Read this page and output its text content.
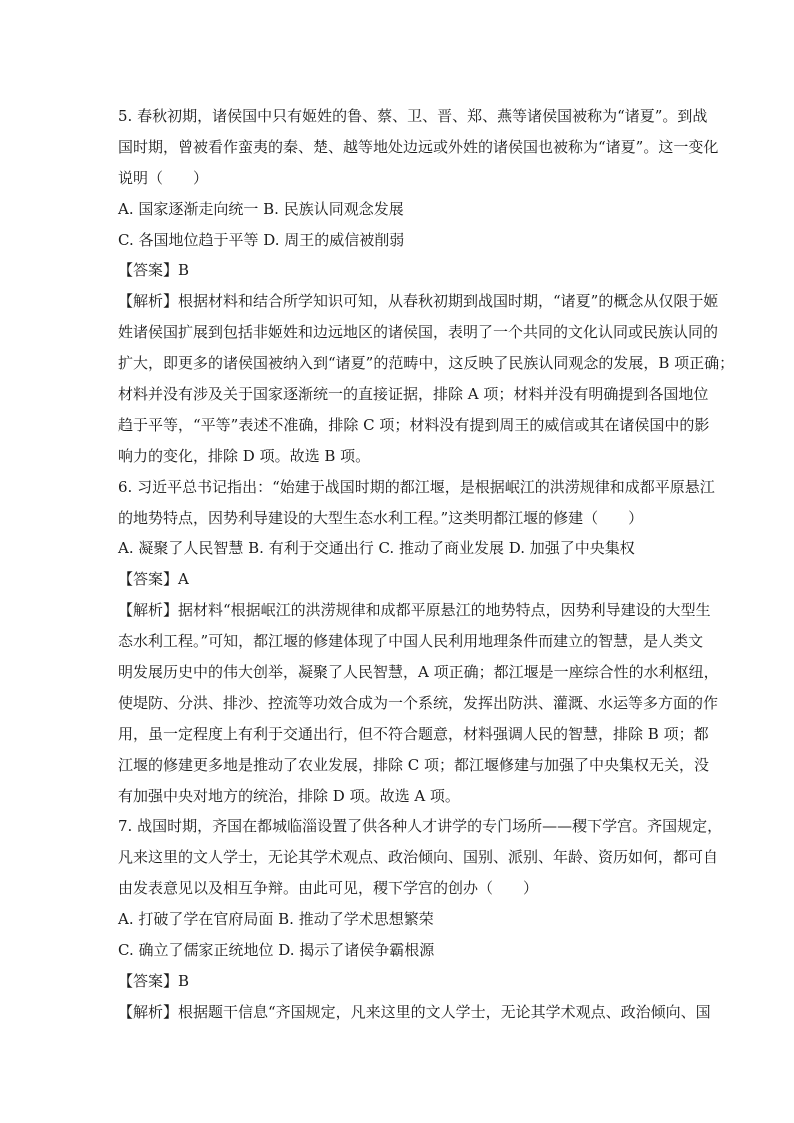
5. 春秋初期，诸侯国中只有姬姓的鲁、蔡、卫、晋、郑、燕等诸侯国被称为“诸夏”。到战
国时期，曾被看作蛮夷的秦、楚、越等地处边远或外姓的诸侯国也被称为“诸夏”。这一变化
说明（　　）
A. 国家逐渐走向统一 B. 民族认同观念发展
C. 各国地位趋于平等 D. 周王的威信被削弱
【答案】B
【解析】根据材料和结合所学知识可知，从春秋初期到战国时期，“诸夏”的概念从仅限于姬
姓诸侯国扩展到包括非姬姓和边远地区的诸侯国，表明了一个共同的文化认同或民族认同的
扩大，即更多的诸侯国被纳入到“诸夏”的范畴中，这反映了民族认同观念的发展，B 项正确；
材料并没有涉及关于国家逐渐统一的直接证据，排除 A 项；材料并没有明确提到各国地位
趋于平等，“平等”表述不准确，排除 C 项；材料没有提到周王的威信或其在诸侯国中的影
响力的变化，排除 D 项。故选 B 项。
6. 习近平总书记指出：“始建于战国时期的都江堰，是根据岷江的洪涝规律和成都平原悬江
的地势特点，因势利导建设的大型生态水利工程。”这类明都江堰的修建（　　）
A. 凝聚了人民智慧 B. 有利于交通出行 C. 推动了商业发展 D. 加强了中央集权
【答案】A
【解析】据材料“根据岷江的洪涝规律和成都平原悬江的地势特点，因势利导建设的大型生
态水利工程。”可知，都江堰的修建体现了中国人民利用地理条件而建立的智慧，是人类文
明发展历史中的伟大创举，凝聚了人民智慧，A 项正确；都江堰是一座综合性的水利枢纽，
使堤防、分洪、排沙、控流等功效合成为一个系统，发挥出防洪、灌溉、水运等多方面的作
用，虽一定程度上有利于交通出行，但不符合题意，材料强调人民的智慧，排除 B 项；都
江堰的修建更多地是推动了农业发展，排除 C 项；都江堰修建与加强了中央集权无关，没
有加强中央对地方的统治，排除 D 项。故选 A 项。
7. 战国时期，齐国在都城临淄设置了供各种人才讲学的专门场所——稷下学宫。齐国规定，
凡来这里的文人学士，无论其学术观点、政治倾向、国别、派别、年龄、资历如何，都可自
由发表意见以及相互争辩。由此可见，稷下学宫的创办（　　）
A. 打破了学在官府局面 B. 推动了学术思想繁荣
C. 确立了儒家正统地位 D. 揭示了诸侯争霸根源
【答案】B
【解析】根据题干信息“齐国规定，凡来这里的文人学士，无论其学术观点、政治倾向、国
